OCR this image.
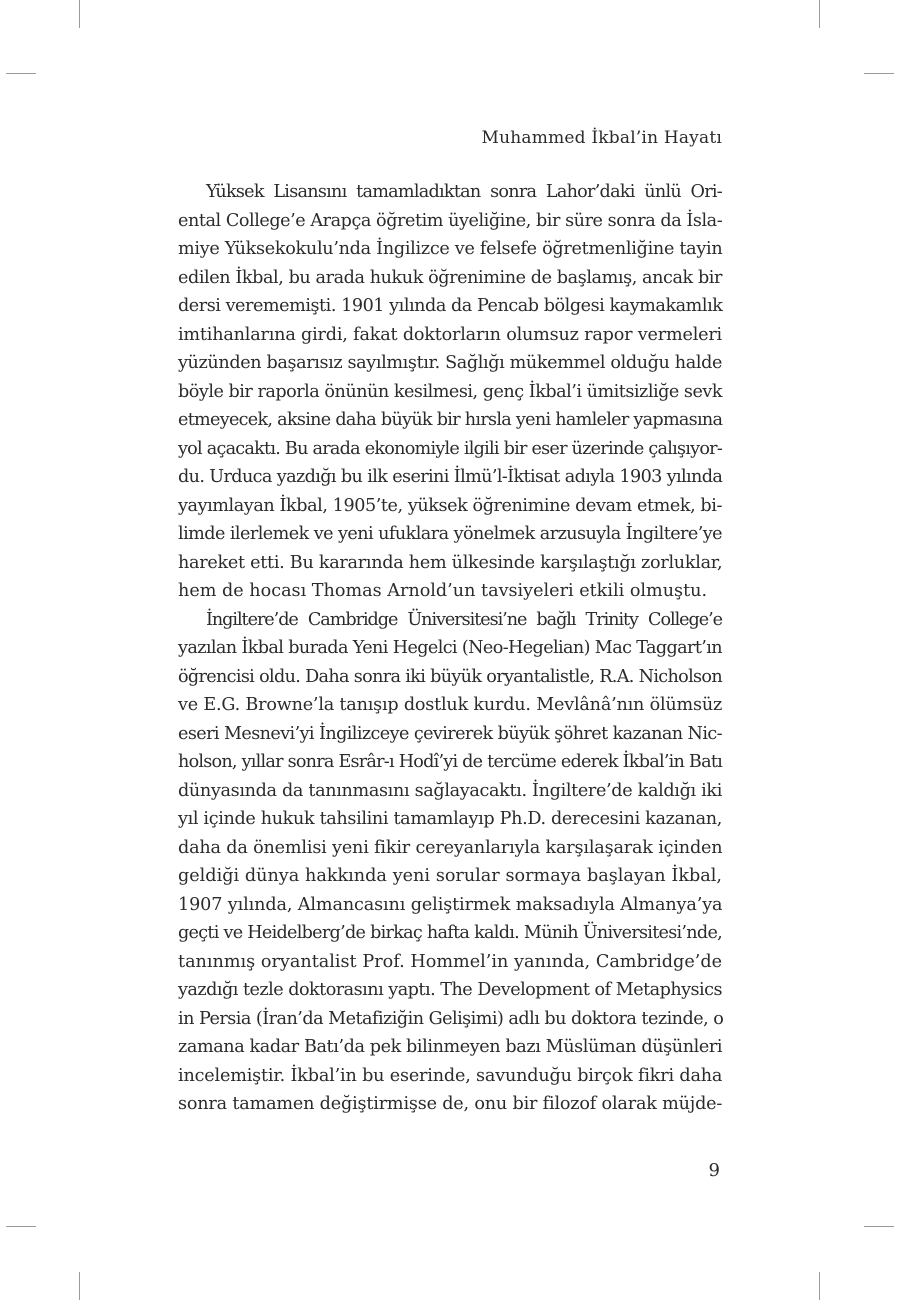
Muhammed İkbal’in Hayatı

Yüksek Lisansını tamamladıktan sonra Lahor’daki ünlü Ori-
ental College’e Arapça öğretim üyeliğine, bir süre sonra da İsla-
miye Yüksekokulu’nda İngilizce ve felsefe öğretmenliğine tayin
edilen İkbal, bu arada hukuk öğrenimine de başlamış, ancak bir
dersi verememişti. 1901 yılında da Pencab bölgesi kaymakamlık
imtihanlarına girdi, fakat doktorların olumsuz rapor vermeleri
yüzünden başarısız sayılmıştır. Sağlığı mükemmel olduğu halde
böyle bir raporla önünün kesilmesi, genç İkbal’i ümitsizliğe sevk
etmeyecek, aksine daha büyük bir hırsla yeni hamleler yapmasına
yol açacaktı. Bu arada ekonomiyle ilgili bir eser üzerinde çalışıyor-
du. Urduca yazdığı bu ilk eserini İlmü’l-İktisat adıyla 1903 yılında
yayımlayan İkbal, 1905’te, yüksek öğrenimine devam etmek, bi-
limde ilerlemek ve yeni ufuklara yönelmek arzusuyla İngiltere’ye
hareket etti. Bu kararında hem ülkesinde karşılaştığı zorluklar,
hem de hocası Thomas Arnold’un tavsiyeleri etkili olmuştu.

İngiltere’de Cambridge Üniversitesi’ne bağlı Trinity College’e
yazılan İkbal burada Yeni Hegelci (Neo-Hegelian) Mac Taggart’ın
öğrencisi oldu. Daha sonra iki büyük oryantalistle, R.A. Nicholson
ve E.G. Browne’la tanışıp dostluk kurdu. Mevlânâ’nın ölümsüz
eseri Mesnevi’yi İngilizceye çevirerek büyük şöhret kazanan Nic-
holson, yıllar sonra Esrâr-ı Hodî’yi de tercüme ederek İkbal’in Batı
dünyasında da tanınmasını sağlayacaktı. İngiltere’de kaldığı iki
yıl içinde hukuk tahsilini tamamlayıp Ph.D. derecesini kazanan,
daha da önemlisi yeni fikir cereyanlarıyla karşılaşarak içinden
geldiği dünya hakkında yeni sorular sormaya başlayan İkbal,
1907 yılında, Almancasını geliştirmek maksadıyla Almanya’ya
geçti ve Heidelberg’de birkaç hafta kaldı. Münih Üniversitesi’nde,
tanınmış oryantalist Prof. Hommel’in yanında, Cambridge’de
yazdığı tezle doktorasını yaptı. The Development of Metaphysics
in Persia (İran’da Metafiziğin Gelişimi) adlı bu doktora tezinde, o
zamana kadar Batı’da pek bilinmeyen bazı Müslüman düşünleri
incelemiştir. İkbal’in bu eserinde, savunduğu birçok fikri daha
sonra tamamen değiştirmişse de, onu bir filozof olarak müjde-

9
